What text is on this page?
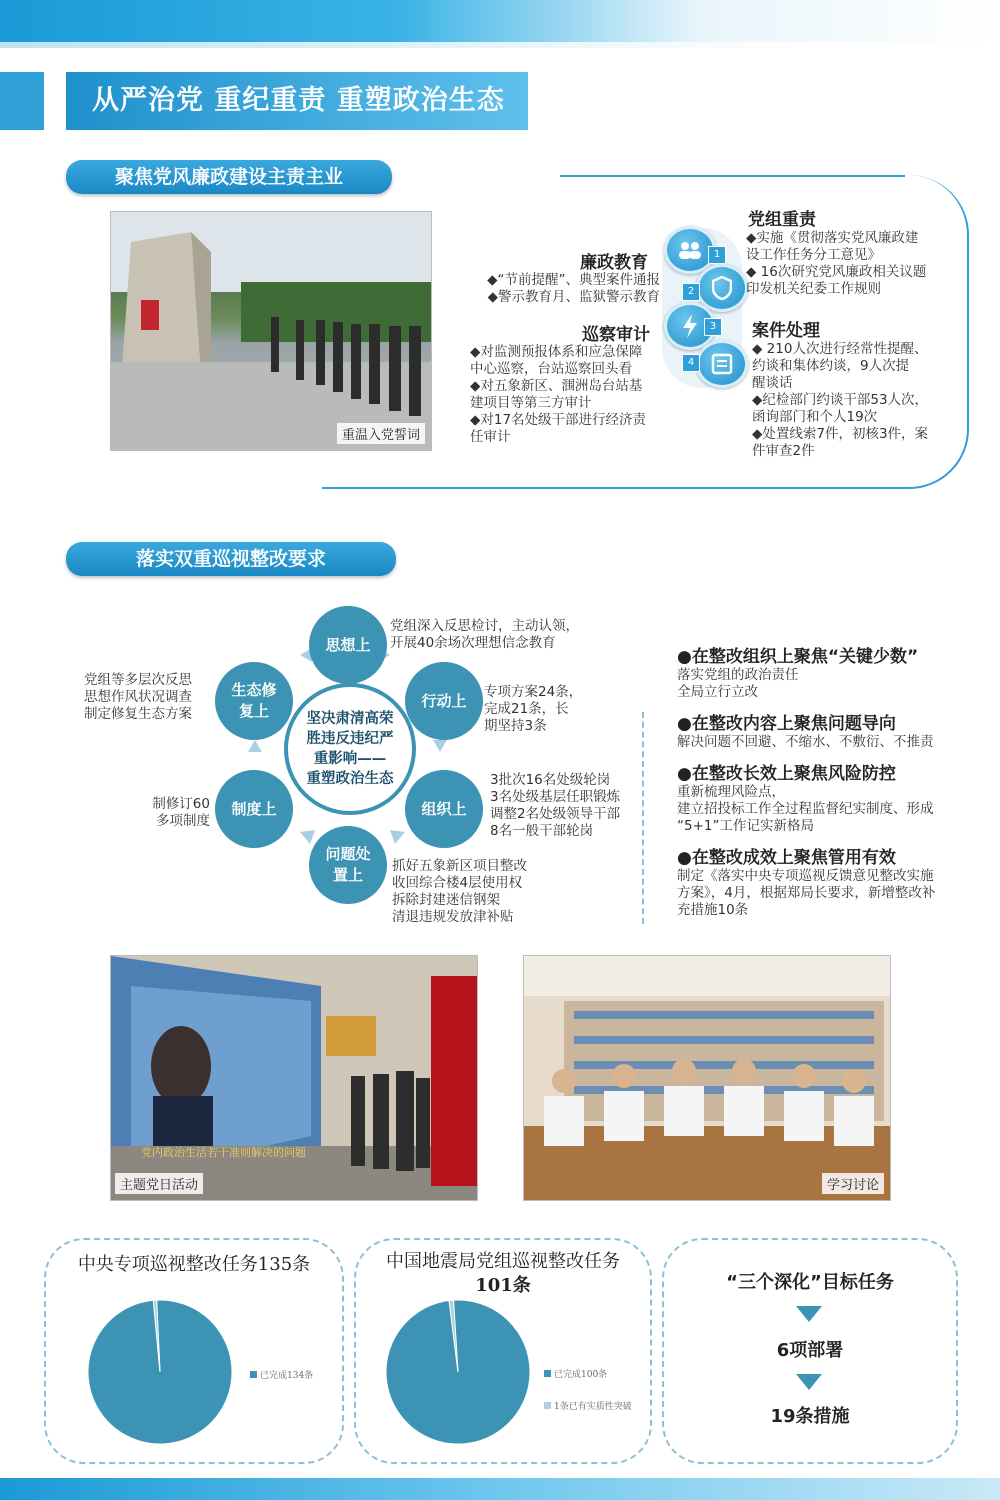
从严治党 重纪重责 重塑政治生态
聚焦党风廉政建设主责主业
重温入党誓词
廉政教育
◆“节前提醒”、典型案件通报
◆警示教育月、监狱警示教育
巡察审计
◆对监测预报体系和应急保障
中心巡察，台站巡察回头看
◆对五象新区、涠洲岛台站基
建项目等第三方审计
◆对17名处级干部进行经济责
任审计
1
2
3
4
党组重责
◆实施《贯彻落实党风廉政建
设工作任务分工意见》
◆ 16次研究党风廉政相关议题
印发机关纪委工作规则
案件处理
◆ 210人次进行经常性提醒、
约谈和集体约谈，9人次提
醒谈话
◆纪检部门约谈干部53人次，
函询部门和个人19次
◆处置线索7件，初核3件，案
件审查2件
落实双重巡视整改要求
思想上
行动上
组织上
问题处
置上
制度上
生态修
复上	坚决肃清高荣
胜违反违纪严
重影响——
重塑政治生态
党组深入反思检讨，主动认领，
开展40余场次理想信念教育
专项方案24条，
完成21条，长
期坚持3条
3批次16名处级轮岗
3名处级基层任职锻炼
调整2名处级领导干部
8名一般干部轮岗
抓好五象新区项目整改
收回综合楼4层使用权
拆除封建迷信钢架
清退违规发放津补贴
制修订60
多项制度
党组等多层次反思
思想作风状况调查
制定修复生态方案
●在整改组织上聚焦“关键少数”
落实党组的政治责任
全局立行立改
●在整改内容上聚焦问题导向
解决问题不回避、不缩水、不敷衍、不推责
●在整改长效上聚焦风险防控
重新梳理风险点，
建立招投标工作全过程监督纪实制度、形成
“5+1”工作记实新格局
●在整改成效上聚焦管用有效
制定《落实中央专项巡视反馈意见整改实施
方案》，4月，根据郑局长要求，新增整改补
充措施10条
党内政治生活若干准则解决的问题
主题党日活动	学习讨论
中央专项巡视整改任务135条
已完成134条
中国地震局党组巡视整改任务
101条
已完成100条
1条已有实质性突破
“三个深化”目标任务
6项部署
19条措施
